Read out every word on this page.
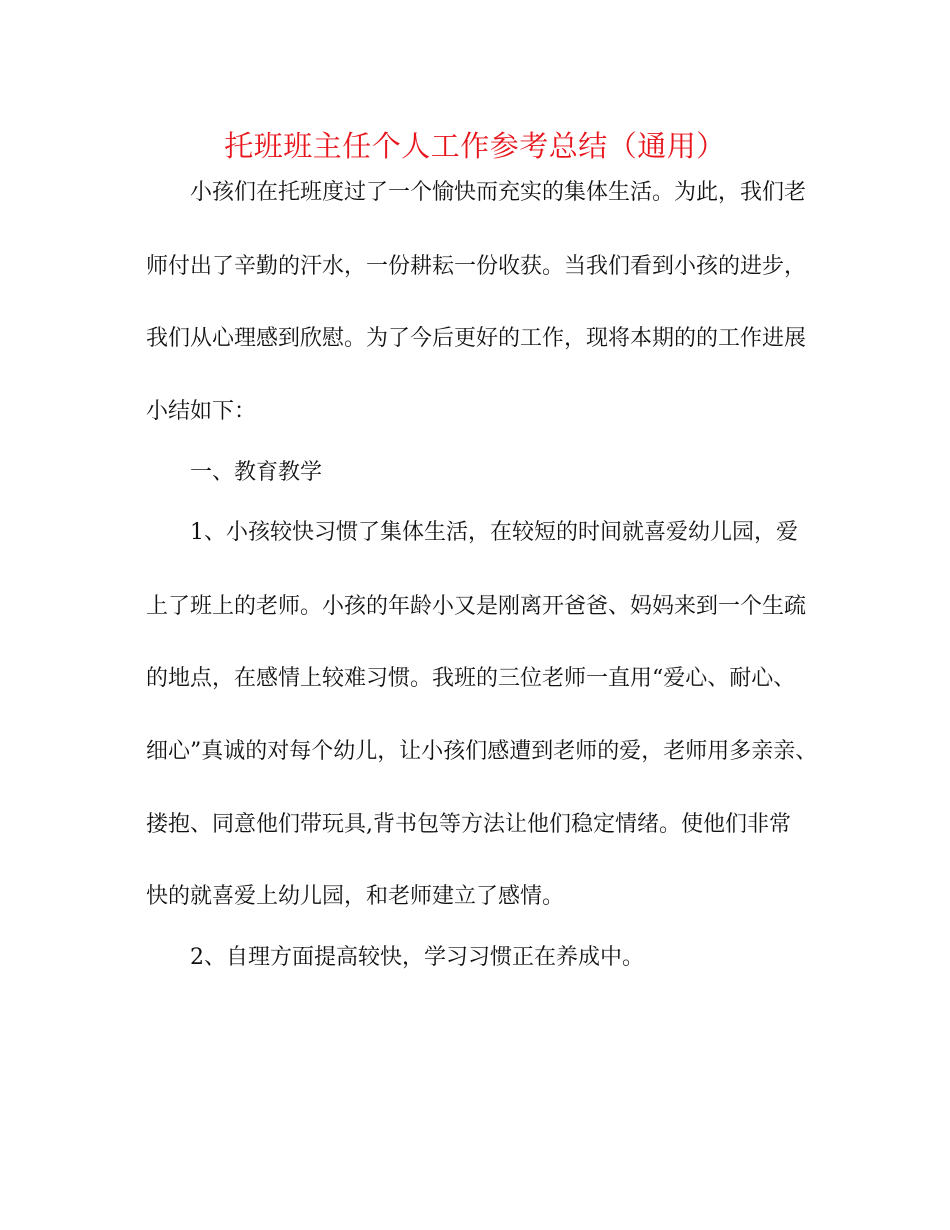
托班班主任个人工作参考总结（通用）
小孩们在托班度过了一个愉快而充实的集体生活。为此，我们老
师付出了辛勤的汗水，一份耕耘一份收获。当我们看到小孩的进步，
我们从心理感到欣慰。为了今后更好的工作，现将本期的的工作进展
小结如下：
一、教育教学
1、小孩较快习惯了集体生活，在较短的时间就喜爱幼儿园，爱
上了班上的老师。小孩的年龄小又是刚离开爸爸、妈妈来到一个生疏
的地点，在感情上较难习惯。我班的三位老师一直用“爱心、耐心、
细心”真诚的对每个幼儿，让小孩们感遭到老师的爱，老师用多亲亲、
搂抱、同意他们带玩具,背书包等方法让他们稳定情绪。使他们非常
快的就喜爱上幼儿园，和老师建立了感情。
2、自理方面提高较快，学习习惯正在养成中。
